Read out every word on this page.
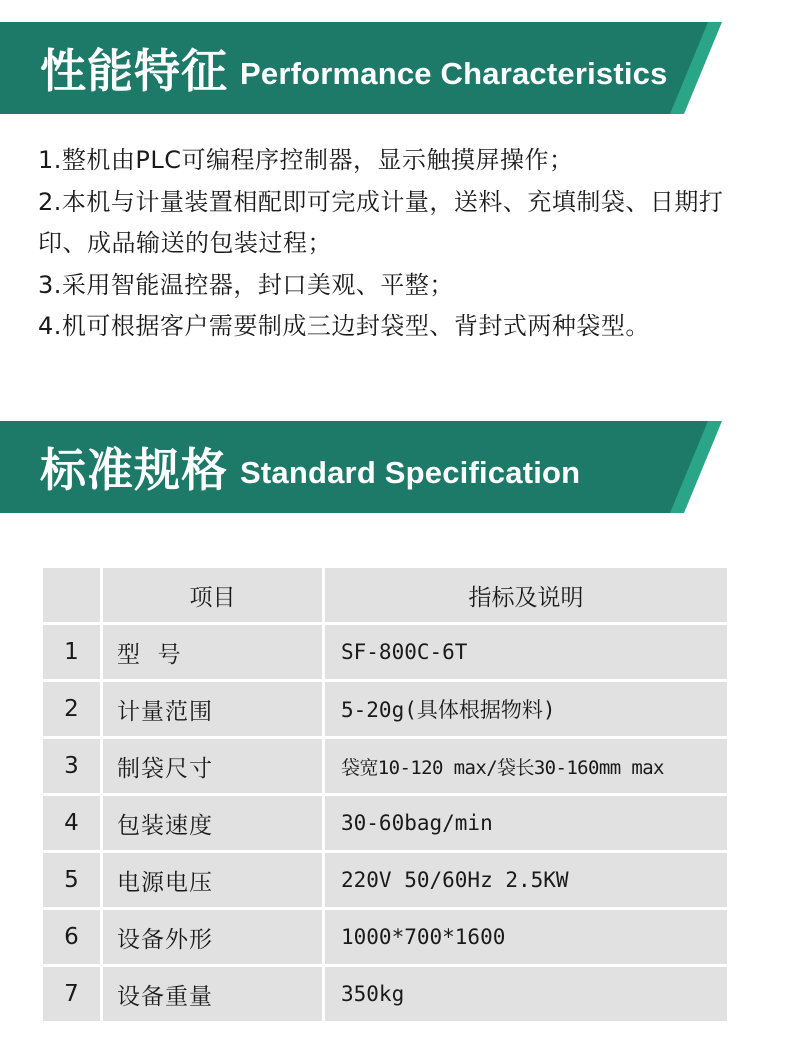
性能特征 Performance Characteristics

1.整机由PLC可编程序控制器，显示触摸屏操作；

2.本机与计量装置相配即可完成计量，送料、充填制袋、日期打印、成品输送的包装过程；

3.采用智能温控器，封口美观、平整；

4.机可根据客户需要制成三边封袋型、背封式两种袋型。

标准规格 Standard Specification
	项目	指标及说明
1	型  号	SF-800C-6T
2	计量范围	5-20g(具体根据物料)
3	制袋尺寸	袋宽10-120 max/袋长30-160mm max
4	包装速度	30-60bag/min
5	电源电压	220V 50/60Hz 2.5KW
6	设备外形	1000*700*1600
7	设备重量	350kg
